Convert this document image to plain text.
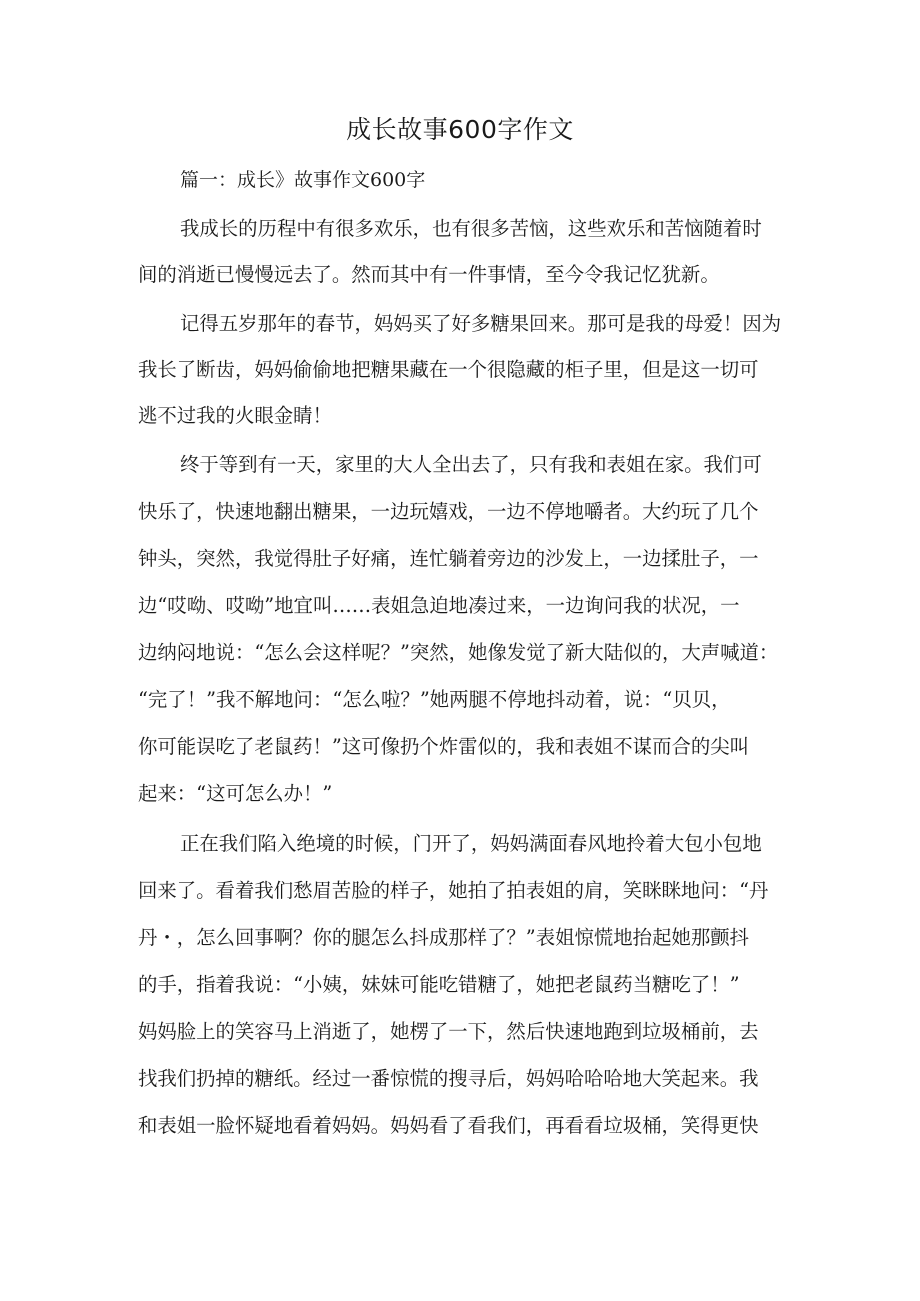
成长故事600字作文
篇一：成长》故事作文600字
我成长的历程中有很多欢乐，也有很多苦恼，这些欢乐和苦恼随着时
间的消逝已慢慢远去了。然而其中有一件事情，至今令我记忆犹新。
记得五岁那年的春节，妈妈买了好多糖果回来。那可是我的母爱！因为
我长了断齿，妈妈偷偷地把糖果藏在一个很隐藏的柜子里，但是这一切可
逃不过我的火眼金睛！
终于等到有一天，家里的大人全出去了，只有我和表姐在家。我们可
快乐了，快速地翻出糖果，一边玩嬉戏，一边不停地嚼者。大约玩了几个
钟头，突然，我觉得肚子好痛，连忙躺着旁边的沙发上，一边揉肚子，一
边“哎呦、哎呦”地宜叫……表姐急迫地凑过来，一边询问我的状况，一
边纳闷地说：“怎么会这样呢？”突然，她像发觉了新大陆似的，大声喊道：
“完了！”我不解地问：“怎么啦？”她两腿不停地抖动着，说：“贝贝，
你可能误吃了老鼠药！”这可像扔个炸雷似的，我和表姐不谋而合的尖叫
起来：“这可怎么办！”
正在我们陷入绝境的时候，门开了，妈妈满面春风地拎着大包小包地
回来了。看着我们愁眉苦脸的样子，她拍了拍表姐的肩，笑眯眯地问：“丹
丹・，怎么回事啊？你的腿怎么抖成那样了？”表姐惊慌地抬起她那颤抖
的手，指着我说：“小姨，妹妹可能吃错糖了，她把老鼠药当糖吃了！”
妈妈脸上的笑容马上消逝了，她楞了一下，然后快速地跑到垃圾桶前，去
找我们扔掉的糖纸。经过一番惊慌的搜寻后，妈妈哈哈哈地大笑起来。我
和表姐一脸怀疑地看着妈妈。妈妈看了看我们，再看看垃圾桶，笑得更快
